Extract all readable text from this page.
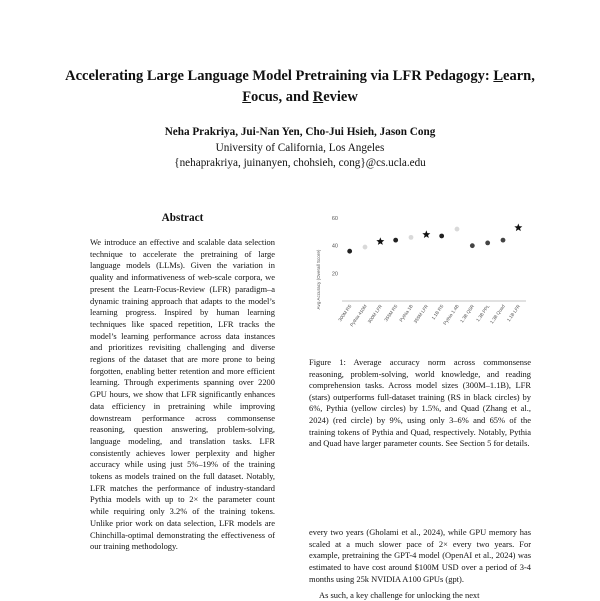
Accelerating Large Language Model Pretraining via LFR Pedagogy: Learn,
Focus, and Review
Neha Prakriya, Jui-Nan Yen, Cho-Jui Hsieh, Jason Cong
University of California, Los Angeles
{nehaprakriya, juinanyen, chohsieh, cong}@cs.ucla.edu
Abstract

We introduce an effective and scalable data selection technique to accelerate the pretraining of large language models (LLMs). Given the variation in quality and informativeness of web-scale corpora, we present the Learn-Focus-Review (LFR) paradigm–a dynamic training approach that adapts to the model’s learning progress. Inspired by human learning techniques like spaced repetition, LFR tracks the model’s learning performance across data instances and prioritizes revisiting challenging and diverse regions of the dataset that are more prone to being forgotten, enabling better retention and more efficient learning. Through experiments spanning over 2200 GPU hours, we show that LFR significantly enhances data efficiency in pretraining while improving downstream performance across commonsense reasoning, question answering, problem-solving, language modeling, and translation tasks. LFR consistently achieves lower perplexity and higher accuracy while using just 5%–19% of the training tokens as models trained on the full dataset. Notably, LFR matches the performance of industry-standard Pythia models with up to 2× the parameter count while requiring only 3.2% of the training tokens. Unlike prior work on data selection, LFR models are Chinchilla-optimal demonstrating the effectiveness of our training methodology.

20
40
60
Avg Accuracy (Overall Score)
300M RS
Pythia 410M
300M LFR 355M RS Pythia 1B
355M LFR 1.1B RS
Pythia 1.4B 1.3B QSR 1.3B PPL
1.3B Quad 1.1B LFR

Figure 1: Average accuracy norm across commonsense reasoning, problem-solving, world knowledge, and reading comprehension tasks. Across model sizes (300M–1.1B), LFR (stars) outperforms full-dataset training (RS in black circles) by 6%, Pythia (yellow circles) by 1.5%, and Quad (Zhang et al., 2024) (red circle) by 9%, using only 3–6% and 65% of the training tokens of Pythia and Quad, respectively. Notably, Pythia and Quad have larger parameter counts. See Section 5 for details.

every two years (Gholami et al., 2024), while GPU memory has scaled at a much slower pace of 2× every two years. For example, pretraining the GPT-4 model (OpenAI et al., 2024) was estimated to have cost around $100M USD over a period of 3-4 months using 25k NVIDIA A100 GPUs (gpt).

As such, a key challenge for unlocking the next
